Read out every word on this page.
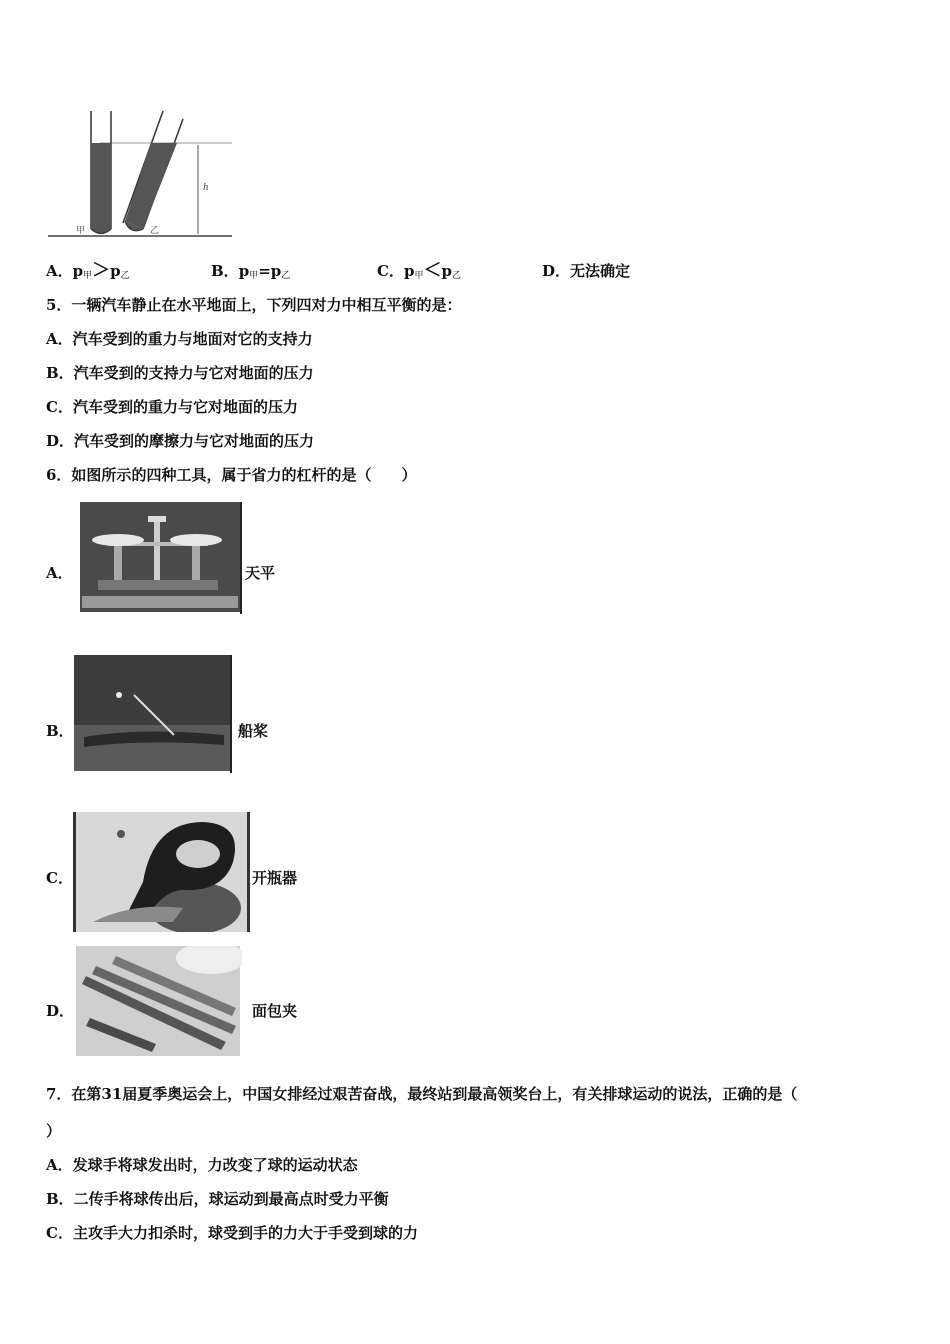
h
甲	乙
A．$p_甲>p_乙$	B．$p_甲=p_乙$	C．$p_甲<p_乙$	D．无法确定
5．一辆汽车静止在水平地面上，下列四对力中相互平衡的是：
A．汽车受到的重力与地面对它的支持力
B．汽车受到的支持力与它对地面的压力
C．汽车受到的重力与它对地面的压力
D．汽车受到的摩擦力与它对地面的压力
6．如图所示的四种工具，属于省力的杠杆的是（　　）
A．	天平
B．	船桨
C．	开瓶器
D．	面包夹
7．在第31届夏季奥运会上，中国女排经过艰苦奋战，最终站到最高领奖台上，有关排球运动的说法，正确的是（
）
A．发球手将球发出时，力改变了球的运动状态
B．二传手将球传出后，球运动到最高点时受力平衡
C．主攻手大力扣杀时，球受到手的力大于手受到球的力
